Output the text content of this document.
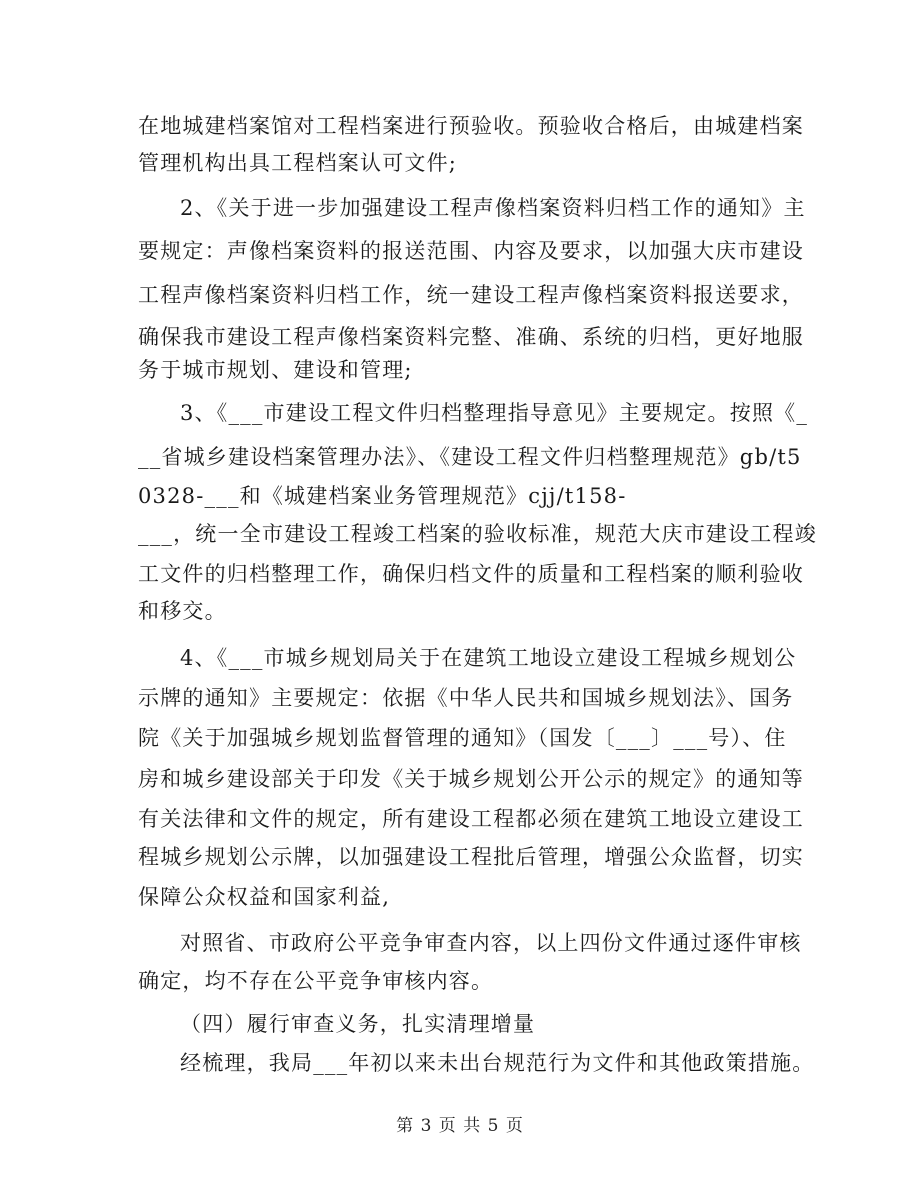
在地城建档案馆对工程档案进行预验收。预验收合格后，由城建档案
管理机构出具工程档案认可文件;
2、《关于进一步加强建设工程声像档案资料归档工作的通知》主
要规定：声像档案资料的报送范围、内容及要求，以加强大庆市建设
工程声像档案资料归档工作，统一建设工程声像档案资料报送要求，
确保我市建设工程声像档案资料完整、准确、系统的归档，更好地服
务于城市规划、建设和管理;
3、《___市建设工程文件归档整理指导意见》主要规定。按照《_
__省城乡建设档案管理办法》、《建设工程文件归档整理规范》gb/t5
0328-___和《城建档案业务管理规范》cjj/t158-
___，统一全市建设工程竣工档案的验收标准，规范大庆市建设工程竣
工文件的归档整理工作，确保归档文件的质量和工程档案的顺利验收
和移交。
4、《___市城乡规划局关于在建筑工地设立建设工程城乡规划公
示牌的通知》主要规定：依据《中华人民共和国城乡规划法》、国务
院《关于加强城乡规划监督管理的通知》（国发〔___〕___号）、住
房和城乡建设部关于印发《关于城乡规划公开公示的规定》的通知等
有关法律和文件的规定，所有建设工程都必须在建筑工地设立建设工
程城乡规划公示牌，以加强建设工程批后管理，增强公众监督，切实
保障公众权益和国家利益,
对照省、市政府公平竞争审查内容，以上四份文件通过逐件审核
确定，均不存在公平竞争审核内容。
（四）履行审查义务，扎实清理增量
经梳理，我局___年初以来未出台规范行为文件和其他政策措施。
第 3 页 共 5 页
